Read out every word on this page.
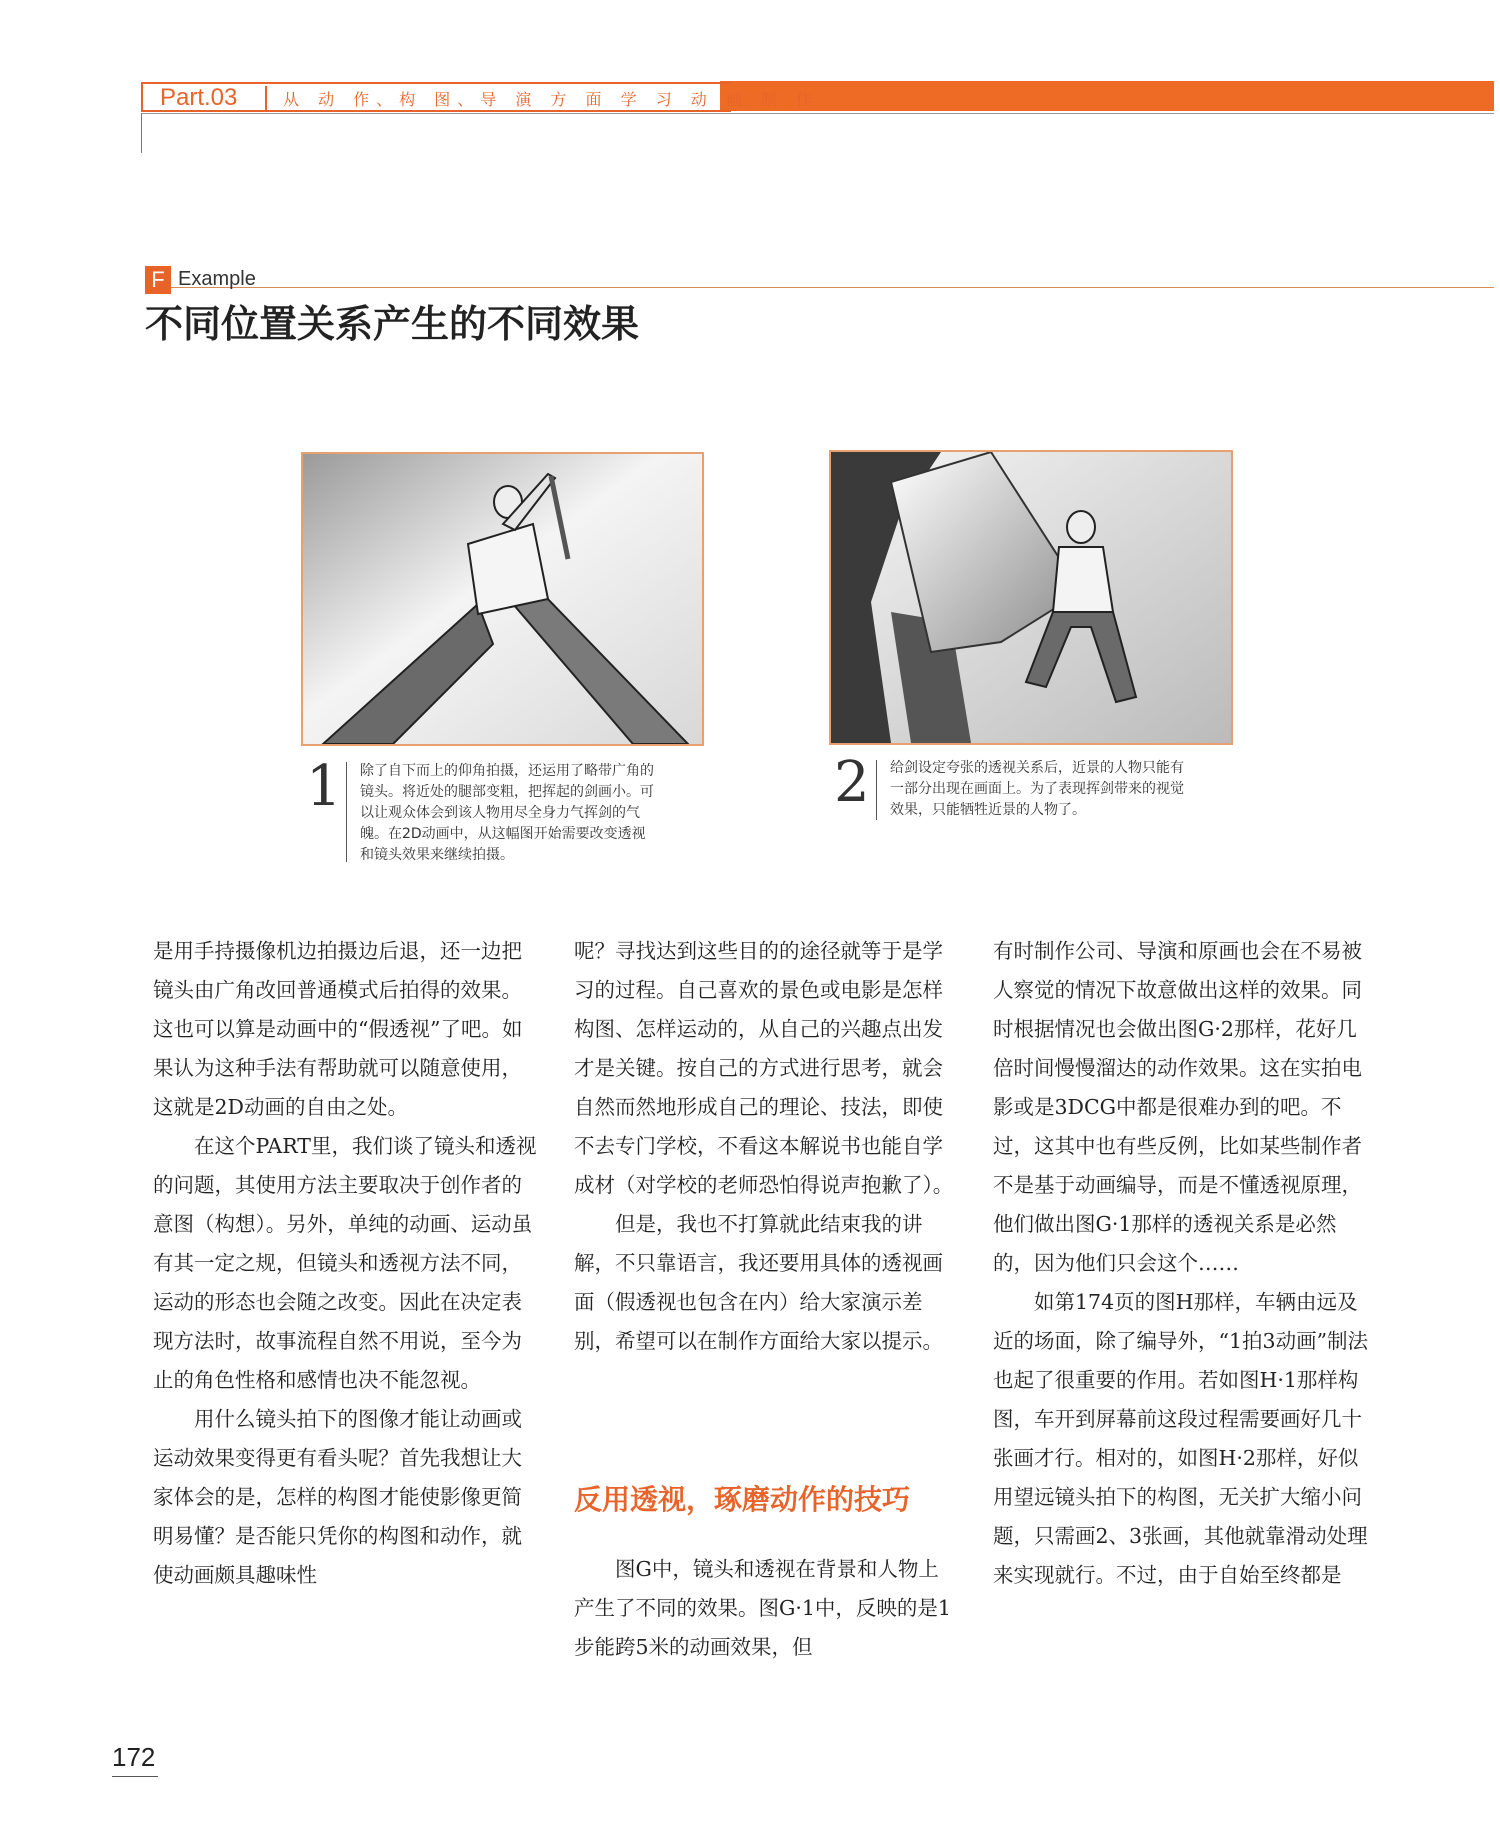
Part.03	从 动 作、构 图、导 演 方 面 学 习 动 画 制 作
F Example
不同位置关系产生的不同效果
1 除了自下而上的仰角拍摄，还运用了略带广角的
镜头。将近处的腿部变粗，把挥起的剑画小。可
以让观众体会到该人物用尽全身力气挥剑的气
魄。在2D动画中，从这幅图开始需要改变透视
和镜头效果来继续拍摄。
2 给剑设定夸张的透视关系后，近景的人物只能有
一部分出现在画面上。为了表现挥剑带来的视觉
效果，只能牺牲近景的人物了。

是用手持摄像机边拍摄边后退，还一边把镜头由广角改回普通模式后拍得的效果。这也可以算是动画中的“假透视”了吧。如果认为这种手法有帮助就可以随意使用，这就是2D动画的自由之处。

在这个PART里，我们谈了镜头和透视的问题，其使用方法主要取决于创作者的意图（构想）。另外，单纯的动画、运动虽有其一定之规，但镜头和透视方法不同，运动的形态也会随之改变。因此在决定表现方法时，故事流程自然不用说，至今为止的角色性格和感情也决不能忽视。

用什么镜头拍下的图像才能让动画或运动效果变得更有看头呢？首先我想让大家体会的是，怎样的构图才能使影像更简明易懂？是否能只凭你的构图和动作，就使动画颇具趣味性

呢？寻找达到这些目的的途径就等于是学习的过程。自己喜欢的景色或电影是怎样构图、怎样运动的，从自己的兴趣点出发才是关键。按自己的方式进行思考，就会自然而然地形成自己的理论、技法，即使不去专门学校，不看这本解说书也能自学成材（对学校的老师恐怕得说声抱歉了）。

但是，我也不打算就此结束我的讲解，不只靠语言，我还要用具体的透视画面（假透视也包含在内）给大家演示差别，希望可以在制作方面给大家以提示。

反用透视，琢磨动作的技巧

图G中，镜头和透视在背景和人物上产生了不同的效果。图G·1中，反映的是1步能跨5米的动画效果，但

有时制作公司、导演和原画也会在不易被人察觉的情况下故意做出这样的效果。同时根据情况也会做出图G·2那样，花好几倍时间慢慢溜达的动作效果。这在实拍电影或是3DCG中都是很难办到的吧。不过，这其中也有些反例，比如某些制作者不是基于动画编导，而是不懂透视原理，他们做出图G·1那样的透视关系是必然的，因为他们只会这个……

如第174页的图H那样，车辆由远及近的场面，除了编导外，“1拍3动画”制法也起了很重要的作用。若如图H·1那样构图，车开到屏幕前这段过程需要画好几十张画才行。相对的，如图H·2那样，好似用望远镜头拍下的构图，无关扩大缩小问题，只需画2、3张画，其他就靠滑动处理来实现就行。不过，由于自始至终都是

172
